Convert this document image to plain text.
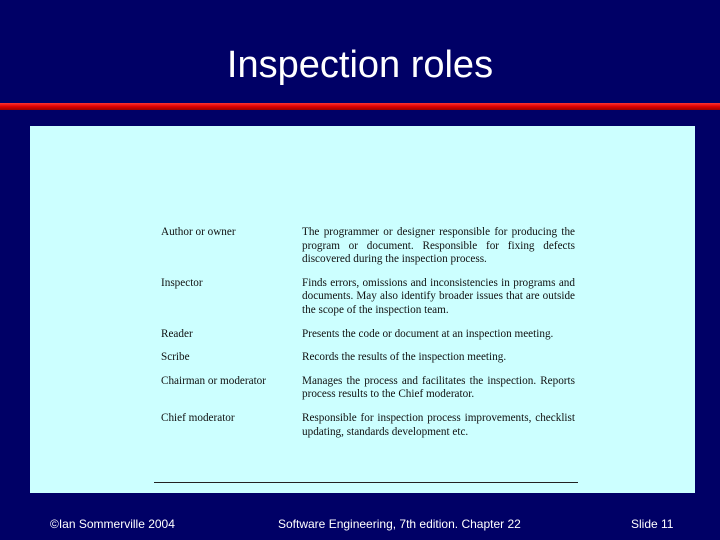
Inspection roles
Author or owner	The programmer or designer responsible for producing the program or document. Responsible for fixing defects discovered during the inspection process.
Inspector	Finds errors, omissions and inconsistencies in programs and documents. May also identify broader issues that are outside the scope of the inspection team.
Reader	Presents the code or document at an inspection meeting.
Scribe	Records the results of the inspection meeting.
Chairman or moderator	Manages the process and facilitates the inspection. Reports process results to the Chief moderator.
Chief moderator	Responsible for inspection process improvements, checklist updating, standards development etc.
©Ian Sommerville 2004	Software Engineering, 7th edition. Chapter 22	Slide 11
